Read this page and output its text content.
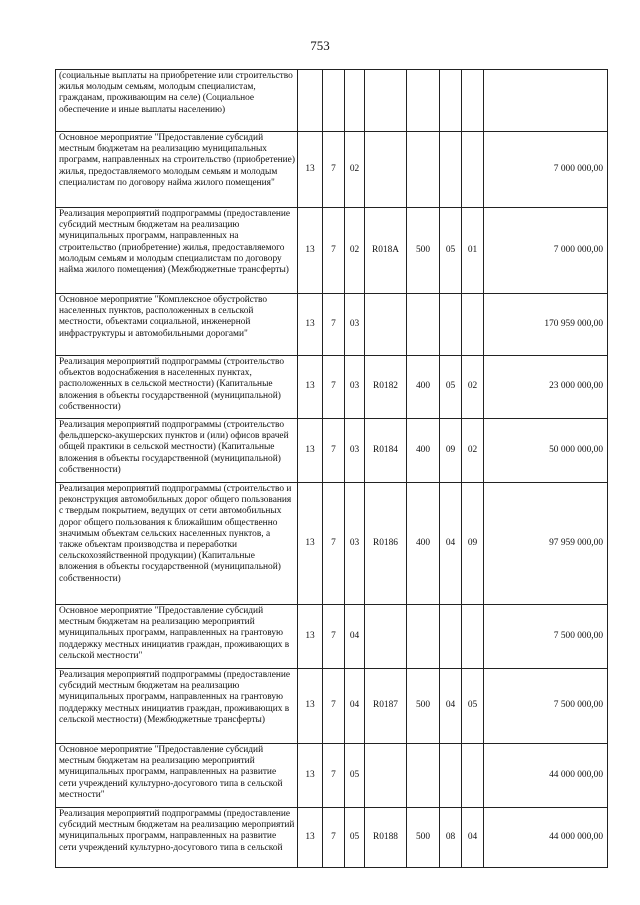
753
(социальные выплаты на приобретение или строительство жилья молодым семьям, молодым специалистам, гражданам, проживающим на селе) (Социальное обеспечение и иные выплаты населению)								
Основное мероприятие "Предоставление субсидий местным бюджетам на реализацию муниципальных программ, направленных на строительство (приобретение) жилья, предоставляемого молодым семьям и молодым специалистам по договору найма жилого помещения"	13	7	02					7 000 000,00
Реализация мероприятий подпрограммы (предоставление субсидий местным бюджетам на реализацию муниципальных программ, направленных на строительство (приобретение) жилья, предоставляемого молодым семьям и молодым специалистам по договору найма жилого помещения) (Межбюджетные трансферты)	13	7	02	R018A	500	05	01	7 000 000,00
Основное мероприятие "Комплексное обустройство населенных пунктов, расположенных в сельской местности, объектами социальной, инженерной инфраструктуры и автомобильными дорогами"	13	7	03					170 959 000,00
Реализация мероприятий подпрограммы (строительство объектов водоснабжения в населенных пунктах, расположенных в сельской местности) (Капитальные вложения в объекты государственной (муниципальной) собственности)	13	7	03	R0182	400	05	02	23 000 000,00
Реализация мероприятий подпрограммы (строительство фельдшерско-акушерских пунктов и (или) офисов врачей общей практики в сельской местности) (Капитальные вложения в объекты государственной (муниципальной) собственности)	13	7	03	R0184	400	09	02	50 000 000,00
Реализация мероприятий подпрограммы (строительство и реконструкция автомобильных дорог общего пользования с твердым покрытием, ведущих от сети автомобильных дорог общего пользования к ближайшим общественно значимым объектам сельских населенных пунктов, а также объектам производства и переработки сельскохозяйственной продукции) (Капитальные вложения в объекты государственной (муниципальной) собственности)	13	7	03	R0186	400	04	09	97 959 000,00
Основное мероприятие "Предоставление субсидий местным бюджетам на реализацию мероприятий муниципальных программ, направленных на грантовую поддержку местных инициатив граждан, проживающих в сельской местности"	13	7	04					7 500 000,00
Реализация мероприятий подпрограммы (предоставление субсидий местным бюджетам на реализацию муниципальных программ, направленных на грантовую поддержку местных инициатив граждан, проживающих в сельской местности) (Межбюджетные трансферты)	13	7	04	R0187	500	04	05	7 500 000,00
Основное мероприятие "Предоставление субсидий местным бюджетам на реализацию мероприятий муниципальных программ, направленных на развитие сети учреждений культурно-досугового типа в сельской местности"	13	7	05					44 000 000,00
Реализация мероприятий подпрограммы (предоставление субсидий местным бюджетам на реализацию мероприятий муниципальных программ, направленных на развитие сети учреждений культурно-досугового типа в сельской	13	7	05	R0188	500	08	04	44 000 000,00
